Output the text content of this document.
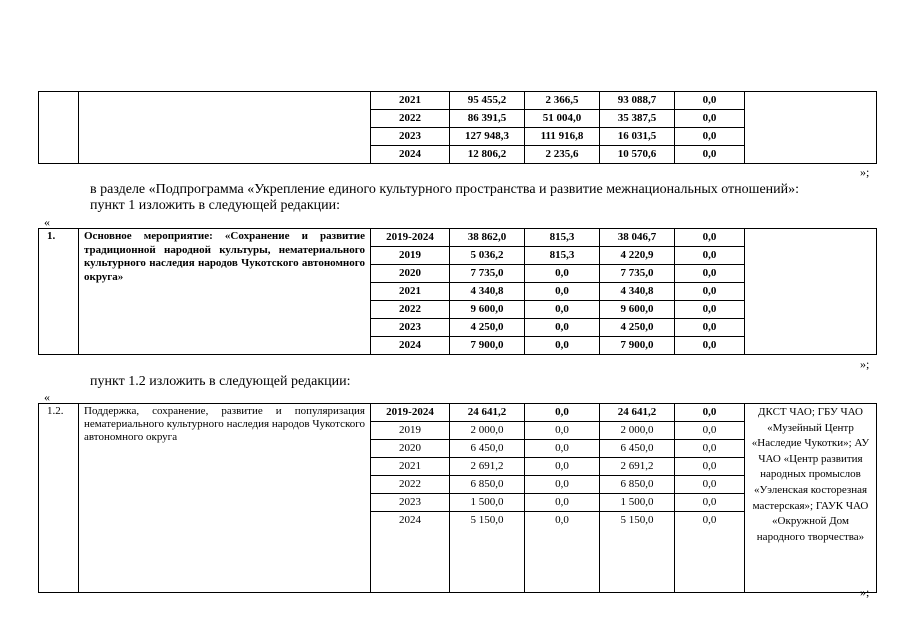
		2021	95 455,2	2 366,5	93 088,7	0,0	
		2022	86 391,5	51 004,0	35 387,5	0,0	
		2023	127 948,3	111 916,8	16 031,5	0,0	
		2024	12 806,2	2 235,6	10 570,6	0,0	
»;
в разделе «Подпрограмма «Укрепление единого культурного пространства и развитие межнациональных отношений»:
пункт 1 изложить в следующей редакции:
«
1.	Основное мероприятие: «Сохранение и развитие традиционной народной культуры, нематериального культурного наследия народов Чукотского автономного округа»	2019-2024	38 862,0	815,3	38 046,7	0,0	
		2019	5 036,2	815,3	4 220,9	0,0	
		2020	7 735,0	0,0	7 735,0	0,0	
		2021	4 340,8	0,0	4 340,8	0,0	
		2022	9 600,0	0,0	9 600,0	0,0	
		2023	4 250,0	0,0	4 250,0	0,0	
		2024	7 900,0	0,0	7 900,0	0,0	
»;
пункт 1.2 изложить в следующей редакции:
«
1.2.	Поддержка, сохранение, развитие и популяризация нематериального культурного наследия народов Чукотского автономного округа	2019-2024	24 641,2	0,0	24 641,2	0,0	ДКСТ ЧАО; ГБУ ЧАО «Музейный Центр «Наследие Чукотки»; АУ ЧАО «Центр развития народных промыслов «Уэленская косторезная мастерская»; ГАУК ЧАО «Окружной Дом народного творчества»
		2019	2 000,0	0,0	2 000,0	0,0	
		2020	6 450,0	0,0	6 450,0	0,0	
		2021	2 691,2	0,0	2 691,2	0,0	
		2022	6 850,0	0,0	6 850,0	0,0	
		2023	1 500,0	0,0	1 500,0	0,0	
		2024	5 150,0	0,0	5 150,0	0,0	

»;
